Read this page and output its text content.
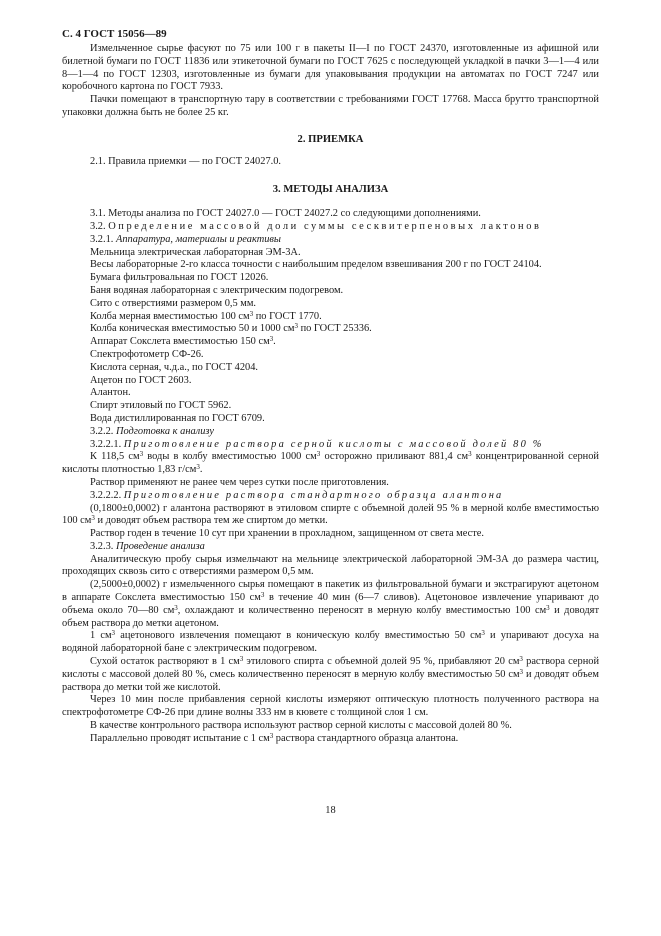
С. 4 ГОСТ 15056—89

Измельченное сырье фасуют по 75 или 100 г в пакеты II—I по ГОСТ 24370, изготовленные из афишной или билетной бумаги по ГОСТ 11836 или этикеточной бумаги по ГОСТ 7625 с последующей укладкой в пачки 3—1—4 или 8—1—4 по ГОСТ 12303, изготовленные из бумаги для упаковывания продукции на автоматах по ГОСТ 7247 или коробочного картона по ГОСТ 7933.

Пачки помещают в транспортную тару в соответствии с требованиями ГОСТ 17768. Масса брутто транспортной упаковки должна быть не более 25 кг.

2. ПРИЕМКА

2.1. Правила приемки — по ГОСТ 24027.0.

3. МЕТОДЫ АНАЛИЗА

3.1. Методы анализа по ГОСТ 24027.0 — ГОСТ 24027.2 со следующими дополнениями.

3.2. Определение массовой доли суммы сесквитерпеновых лактонов

3.2.1. Аппаратура, материалы и реактивы

Мельница электрическая лабораторная ЭМ-3А.

Весы лабораторные 2-го класса точности с наибольшим пределом взвешивания 200 г по ГОСТ 24104.

Бумага фильтровальная по ГОСТ 12026.

Баня водяная лабораторная с электрическим подогревом.

Сито с отверстиями размером 0,5 мм.

Колба мерная вместимостью 100 $см^3$ по ГОСТ 1770.

Колба коническая вместимостью 50 и 1000 $см^3$ по ГОСТ 25336.

Аппарат Сокслета вместимостью 150 $см^3$.

Спектрофотометр СФ-26.

Кислота серная, ч.д.а., по ГОСТ 4204.

Ацетон по ГОСТ 2603.

Алантон.

Спирт этиловый по ГОСТ 5962.

Вода дистиллированная по ГОСТ 6709.

3.2.2. Подготовка к анализу

3.2.2.1. Приготовление раствора серной кислоты с массовой долей 80 %

К 118,5 $см^3$ воды в колбу вместимостью 1000 $см^3$ осторожно приливают 881,4 $см^3$ концентрированной серной кислоты плотностью 1,83 $г/см^3$.

Раствор применяют не ранее чем через сутки после приготовления.

3.2.2.2. Приготовление раствора стандартного образца алантона

(0,1800±0,0002) г алантона растворяют в этиловом спирте с объемной долей 95 % в мерной колбе вместимостью 100 $см^3$ и доводят объем раствора тем же спиртом до метки.

Раствор годен в течение 10 сут при хранении в прохладном, защищенном от света месте.

3.2.3. Проведение анализа

Аналитическую пробу сырья измельчают на мельнице электрической лабораторной ЭМ-3А до размера частиц, проходящих сквозь сито с отверстиями размером 0,5 мм.

(2,5000±0,0002) г измельченного сырья помещают в пакетик из фильтровальной бумаги и экстрагируют ацетоном в аппарате Сокслета вместимостью 150 $см^3$ в течение 40 мин (6—7 сливов). Ацетоновое извлечение упаривают до объема около 70—80 $см^3$, охлаждают и количественно переносят в мерную колбу вместимостью 100 $см^3$ и доводят объем раствора до метки ацетоном.

1 $см^3$ ацетонового извлечения помещают в коническую колбу вместимостью 50 $см^3$ и упаривают досуха на водяной лабораторной бане с электрическим подогревом.

Сухой остаток растворяют в 1 $см^3$ этилового спирта с объемной долей 95 %, прибавляют 20 $см^3$ раствора серной кислоты с массовой долей 80 %, смесь количественно переносят в мерную колбу вместимостью 50 $см^3$ и доводят объем раствора до метки той же кислотой.

Через 10 мин после прибавления серной кислоты измеряют оптическую плотность полученного раствора на спектрофотометре СФ-26 при длине волны 333 нм в кювете с толщиной слоя 1 см.

В качестве контрольного раствора используют раствор серной кислоты с массовой долей 80 %.

Параллельно проводят испытание с 1 $см^3$ раствора стандартного образца алантона.

18
